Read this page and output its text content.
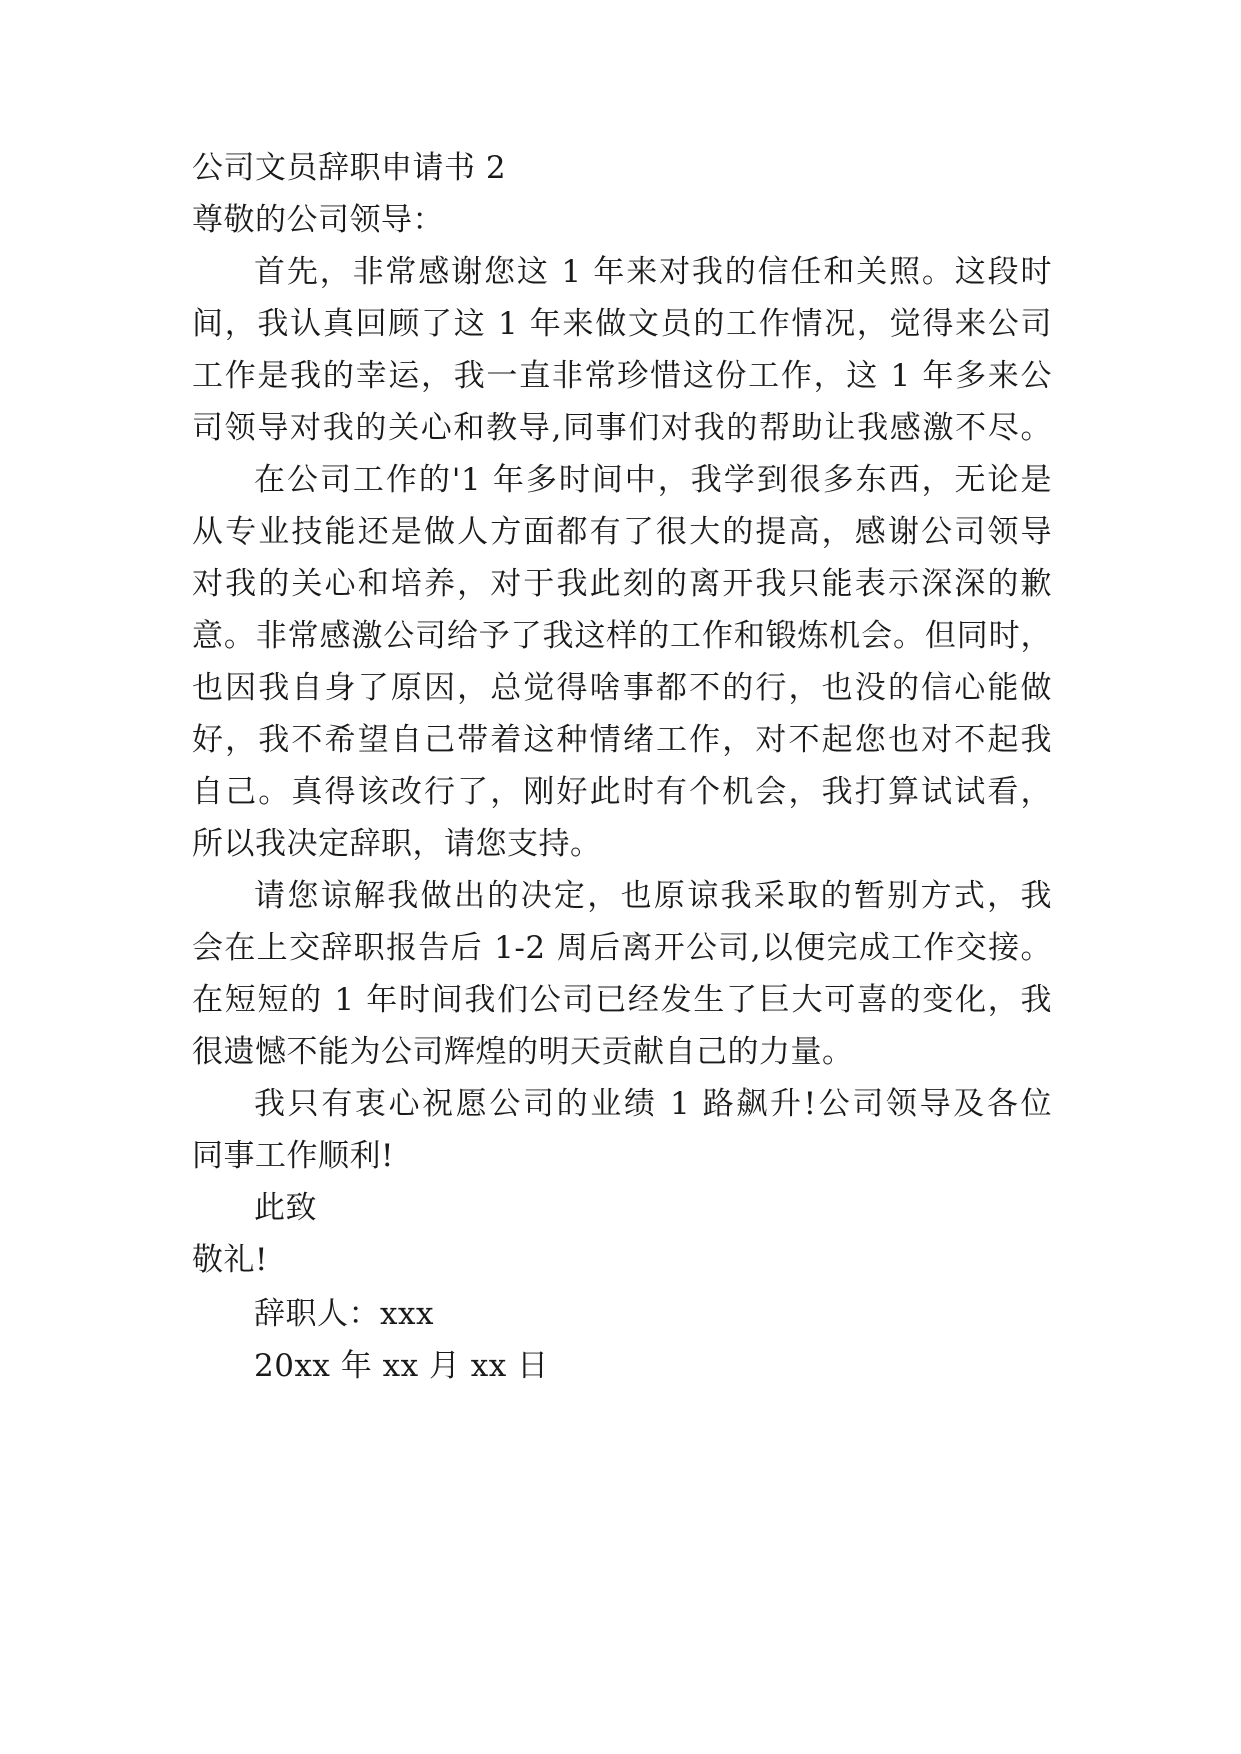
公司文员辞职申请书 2
尊敬的公司领导：
首先，非常感谢您这 1 年来对我的信任和关照。这段时
间，我认真回顾了这 1 年来做文员的工作情况，觉得来公司
工作是我的幸运，我一直非常珍惜这份工作，这 1 年多来公
司领导对我的关心和教导,同事们对我的帮助让我感激不尽。
在公司工作的'1 年多时间中，我学到很多东西，无论是
从专业技能还是做人方面都有了很大的提高，感谢公司领导
对我的关心和培养，对于我此刻的离开我只能表示深深的歉
意。非常感激公司给予了我这样的工作和锻炼机会。但同时，
也因我自身了原因，总觉得啥事都不的行，也没的信心能做
好，我不希望自己带着这种情绪工作，对不起您也对不起我
自己。真得该改行了，刚好此时有个机会，我打算试试看，
所以我决定辞职，请您支持。
请您谅解我做出的决定，也原谅我采取的暂别方式，我
会在上交辞职报告后 1-2 周后离开公司,以便完成工作交接。
在短短的 1 年时间我们公司已经发生了巨大可喜的变化，我
很遗憾不能为公司辉煌的明天贡献自己的力量。
我只有衷心祝愿公司的业绩 1 路飙升!公司领导及各位
同事工作顺利!
此致
敬礼!
辞职人：xxx
20xx 年 xx 月 xx 日
